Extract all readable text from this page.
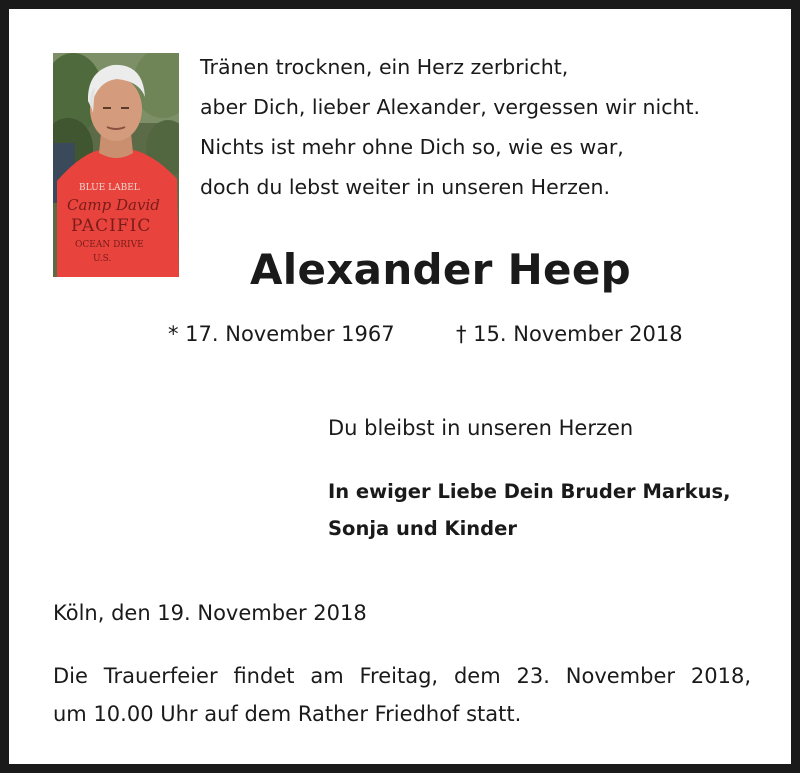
BLUE LABEL
Camp David
PACIFIC
OCEAN DRIVE
U.S.
Tränen trocknen, ein Herz zerbricht,
aber Dich, lieber Alexander, vergessen wir nicht.
Nichts ist mehr ohne Dich so, wie es war,
doch du lebst weiter in unseren Herzen.
Alexander Heep
* 17. November 1967	† 15. November 2018
Du bleibst in unseren Herzen
In ewiger Liebe Dein Bruder Markus,
Sonja und Kinder
Köln, den 19. November 2018
Die Trauerfeier findet am Freitag, dem 23. November 2018,
um 10.00 Uhr auf dem Rather Friedhof statt.
